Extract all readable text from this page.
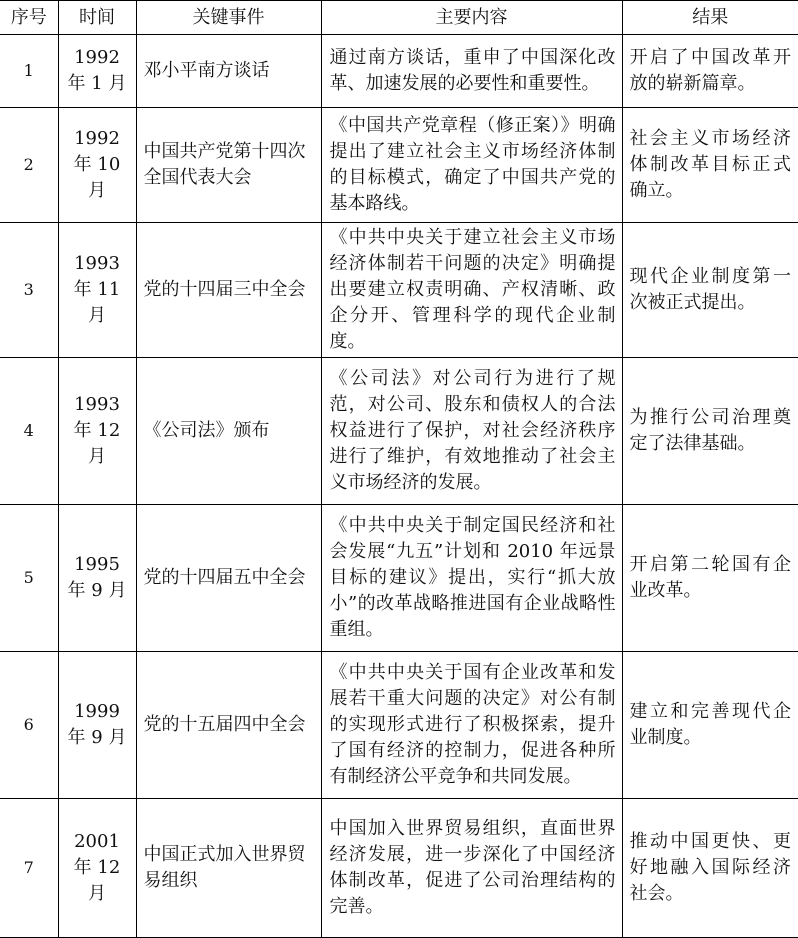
序号	时间	关键事件	主要内容	结果
1	1992 年 1 月	邓小平南方谈话	通过南方谈话，重申了中国深化改革、加速发展的必要性和重要性。	开启了中国改革开放的崭新篇章。
2	1992 年 10 月	中国共产党第十四次全国代表大会	《中国共产党章程（修正案）》明确提出了建立社会主义市场经济体制的目标模式，确定了中国共产党的基本路线。	社会主义市场经济体制改革目标正式确立。
3	1993 年 11 月	党的十四届三中全会	《中共中央关于建立社会主义市场经济体制若干问题的决定》明确提出要建立权责明确、产权清晰、政企分开、管理科学的现代企业制度。	现代企业制度第一次被正式提出。
4	1993 年 12 月	《公司法》颁布	《公司法》对公司行为进行了规范，对公司、股东和债权人的合法权益进行了保护，对社会经济秩序进行了维护，有效地推动了社会主义市场经济的发展。	为推行公司治理奠定了法律基础。
5	1995 年 9 月	党的十四届五中全会	《中共中央关于制定国民经济和社会发展“九五”计划和 2010 年远景目标的建议》提出，实行“抓大放小”的改革战略推进国有企业战略性重组。	开启第二轮国有企业改革。
6	1999 年 9 月	党的十五届四中全会	《中共中央关于国有企业改革和发展若干重大问题的决定》对公有制的实现形式进行了积极探索，提升了国有经济的控制力，促进各种所有制经济公平竞争和共同发展。	建立和完善现代企业制度。
7	2001 年 12 月	中国正式加入世界贸易组织	中国加入世界贸易组织，直面世界经济发展，进一步深化了中国经济体制改革，促进了公司治理结构的完善。	推动中国更快、更好地融入国际经济社会。
